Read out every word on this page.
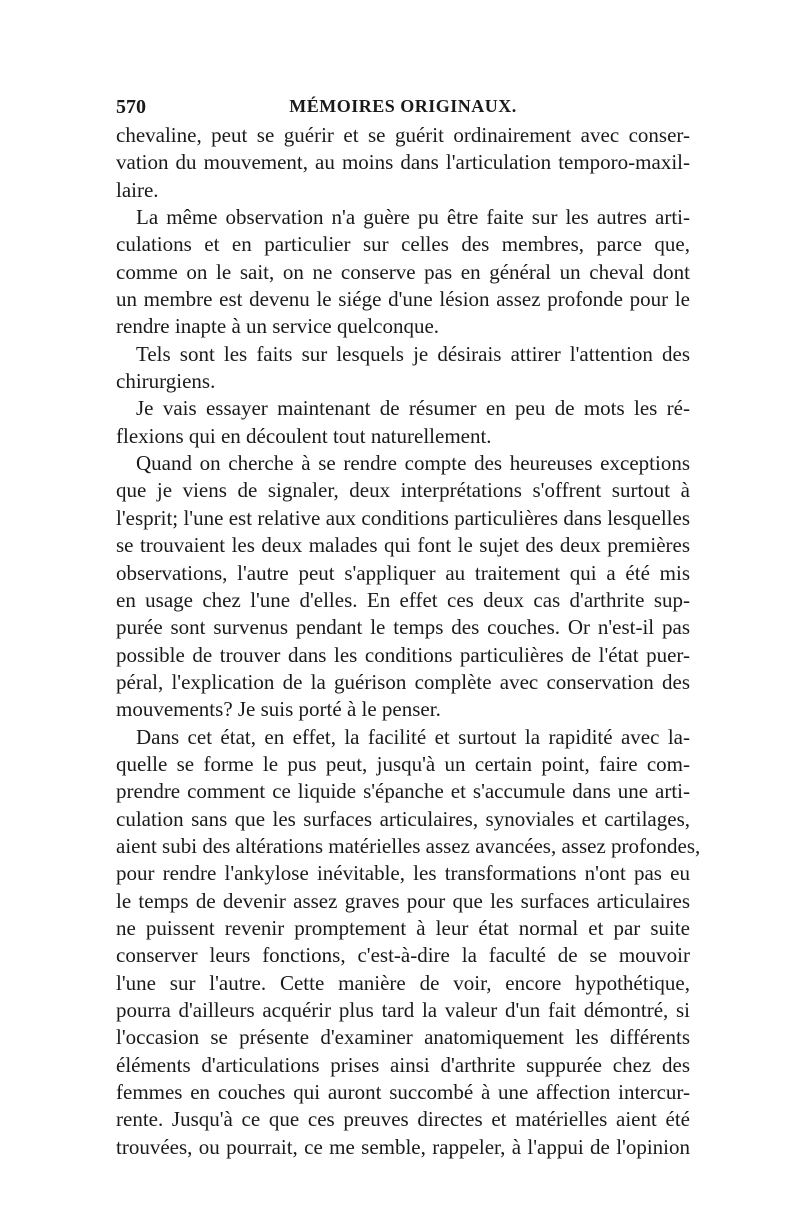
570	MÉMOIRES ORIGINAUX.
chevaline, peut se guérir et se guérit ordinairement avec conser-
vation du mouvement, au moins dans l'articulation temporo-maxil-
laire.
La même observation n'a guère pu être faite sur les autres arti-
culations et en particulier sur celles des membres, parce que,
comme on le sait, on ne conserve pas en général un cheval dont
un membre est devenu le siége d'une lésion assez profonde pour le
rendre inapte à un service quelconque.
Tels sont les faits sur lesquels je désirais attirer l'attention des
chirurgiens.
Je vais essayer maintenant de résumer en peu de mots les ré-
flexions qui en découlent tout naturellement.
Quand on cherche à se rendre compte des heureuses exceptions
que je viens de signaler, deux interprétations s'offrent surtout à
l'esprit; l'une est relative aux conditions particulières dans lesquelles
se trouvaient les deux malades qui font le sujet des deux premières
observations, l'autre peut s'appliquer au traitement qui a été mis
en usage chez l'une d'elles. En effet ces deux cas d'arthrite sup-
purée sont survenus pendant le temps des couches. Or n'est-il pas
possible de trouver dans les conditions particulières de l'état puer-
péral, l'explication de la guérison complète avec conservation des
mouvements? Je suis porté à le penser.
Dans cet état, en effet, la facilité et surtout la rapidité avec la-
quelle se forme le pus peut, jusqu'à un certain point, faire com-
prendre comment ce liquide s'épanche et s'accumule dans une arti-
culation sans que les surfaces articulaires, synoviales et cartilages,
aient subi des altérations matérielles assez avancées, assez profondes,
pour rendre l'ankylose inévitable, les transformations n'ont pas eu
le temps de devenir assez graves pour que les surfaces articulaires
ne puissent revenir promptement à leur état normal et par suite
conserver leurs fonctions, c'est-à-dire la faculté de se mouvoir
l'une sur l'autre. Cette manière de voir, encore hypothétique,
pourra d'ailleurs acquérir plus tard la valeur d'un fait démontré, si
l'occasion se présente d'examiner anatomiquement les différents
éléments d'articulations prises ainsi d'arthrite suppurée chez des
femmes en couches qui auront succombé à une affection intercur-
rente. Jusqu'à ce que ces preuves directes et matérielles aient été
trouvées, ou pourrait, ce me semble, rappeler, à l'appui de l'opinion
